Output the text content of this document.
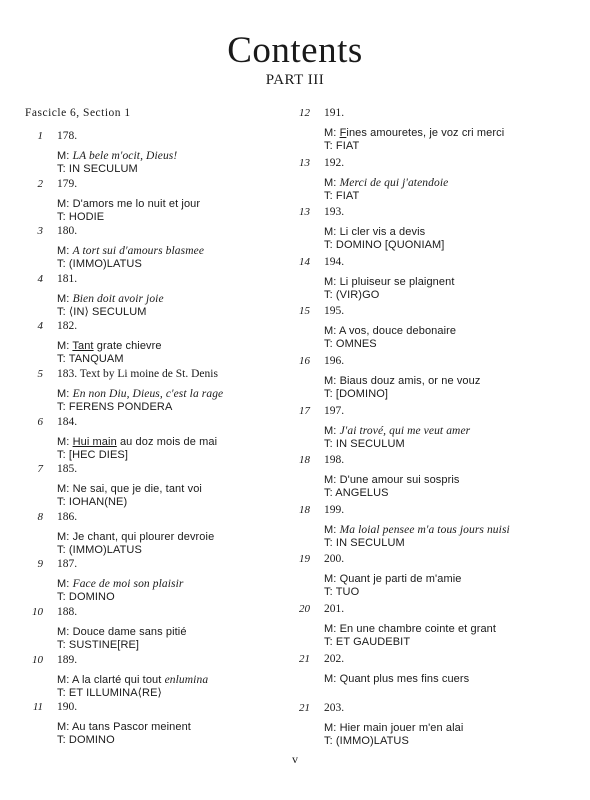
Contents
PART III
Fascicle 6, Section 1
v
1 178.
M: LA bele m'ocit, Dieus!
T: IN SECULUM
2 179.
M: D'amors me lo nuit et jour
T: HODIE
3 180.
M: A tort sui d'amours blasmee
T: (IMMO)LATUS
4 181.
M: Bien doit avoir joie
T: ⟨IN⟩ SECULUM
4 182.
M: Tant grate chievre
T: TANQUAM
5 183. Text by Li moine de St. Denis
M: En non Diu, Dieus, c'est la rage
T: FERENS PONDERA
6 184.
M: Hui main au doz mois de mai
T: [HEC DIES]
7 185.
M: Ne sai, que je die, tant voi
T: IOHAN(NE)
8 186.
M: Je chant, qui plourer devroie
T: (IMMO)LATUS
9 187.
M: Face de moi son plaisir
T: DOMINO
10 188.
M: Douce dame sans pitié
T: SUSTINE[RE]
10 189.
M: A la clarté qui tout enlumina
T: ET ILLUMINA⟨RE⟩
11 190.
M: Au tans Pascor meinent
T: DOMINO
12 191.
M: Fines amouretes, je voz cri merci
T: FIAT
13 192.
M: Merci de qui j'atendoie
T: FIAT
13 193.
M: Li cler vis a devis
T: DOMINO [QUONIAM]
14 194.
M: Li pluiseur se plaignent
T: (VIR)GO
15 195.
M: A vos, douce debonaire
T: OMNES
16 196.
M: Biaus douz amis, or ne vouz
T: [DOMINO]
17 197.
M: J'ai trové, qui me veut amer
T: IN SECULUM
18 198.
M: D'une amour sui sospris
T: ANGELUS
18 199.
M: Ma loial pensee m'a tous jours nuisi
T: IN SECULUM
19 200.
M: Quant je parti de m'amie
T: TUO
20 201.
M: En une chambre cointe et grant
T: ET GAUDEBIT
21 202.
M: Quant plus mes fins cuers
21 203.
M: Hier main jouer m'en alai
T: (IMMO)LATUS
